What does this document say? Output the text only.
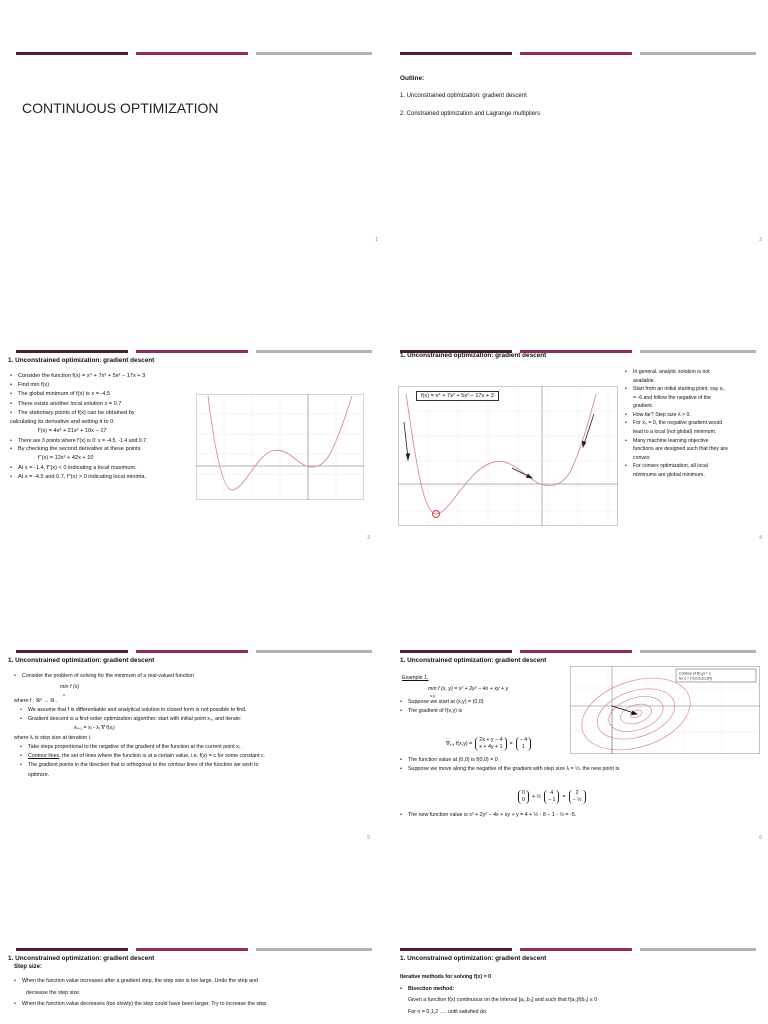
CONTINUOUS OPTIMIZATION
1
Outline:
1. Unconstrained optimization: gradient descent
2. Constrained optimization and Lagrange multipliers
2
1. Unconstrained optimization: gradient descent
• Consider the function f(x) = x⁴ + 7x³ + 5x² − 17x + 3
• Find min f(x)
• The global minimum of f(x) is x = -4.5
• There exists another local solution x = 0.7
• The stationary points of f(x) can be obtained by
calculating its derivative and setting it to 0:
f'(x) = 4x³ + 21x² + 10x − 17
• There are 3 points where f'(x) is 0: x = -4.5, -1.4 and 0.7.
• By checking the second derivative at these points
f''(x) = 12x² + 42x + 10
• At x = -1.4, f''(x) < 0 indicating a local maximum.
• At x = -4.5 and 0.7, f''(x) > 0 indicating local minima.
3
1. Unconstrained optimization: gradient descent
f(x) = x⁴ + 7x³ + 5x² − 17x + 3
• In general, analytic solution is not
available.
• Start from an initial starting point, say x₀
= -6 and follow the negative of the
gradient.
• How far? Step size λ > 0.
• For x₀ = 0, the negative gradient would
lead to a local (not global) minimum.
• Many machine learning objective
functions are designed such that they are
convex.
• For convex optimization, all local
minimums are global minimum.
4
1. Unconstrained optimization: gradient descent
• Consider the problem of solving for the minimum of a real-valued function
min f (x)
x
where f : ℝᵈ → ℝ .
• We assume that f is differentiable and analytical solution in closed form is not possible to find.
• Gradient descent is a first-order optimization algorithm: start with initial point x₀, and iterate:
xᵢ₊₁ = xᵢ - λᵢ ∇ f(xᵢ)
where λᵢ is step size at iteration i.
• Take steps proportional to the negative of the gradient of the function at the current point xᵢ .
• Contour lines: the set of lines where the function is at a certain value, i.e. f(x) = c for some constant c.
• The gradient points in the direction that is orthogonal to the contour lines of the function we wish to
optimize.
5
1. Unconstrained optimization: gradient descent
Example 1.
min f (x, y) = x² + 2y² − 4x + xy + y
x,y
• Suppose we start at (x,y) = (0,0)
• The gradient of f(x,y) is
∇ₓ,ᵧ f(x,y) =
2x + y − 4
x + 4y + 1 =
− 4
1
• The function value at (0,0) is f(0,0) = 0
• Suppose we move along the negative of the gradient with step size λ = ½, the new point is
0
0 + ½
4
− 1 =
2
− ½
• The new function value is x² + 2y² − 4x + xy + y = 4 + ½ - 8 − 1 - ½ = -5.
Contour of f(x,y) = c
for c = {-5,0,5,10,20}
6
1. Unconstrained optimization: gradient descent
Step size:
• When the function value increases after a gradient step, the step size is too large. Undo the step and
decrease the step size.
• When the function value decreases (too slowly) the step could have been larger. Try to increase the step
1. Unconstrained optimization: gradient descent
Iterative methods for solving f(x) = 0
• Bisection method:
Given a function f(x) continuous on the interval [a₀,b₀] and such that f(a₀)f(b₀) ≤ 0
For n = 0,1,2 …. until satisfied do:
